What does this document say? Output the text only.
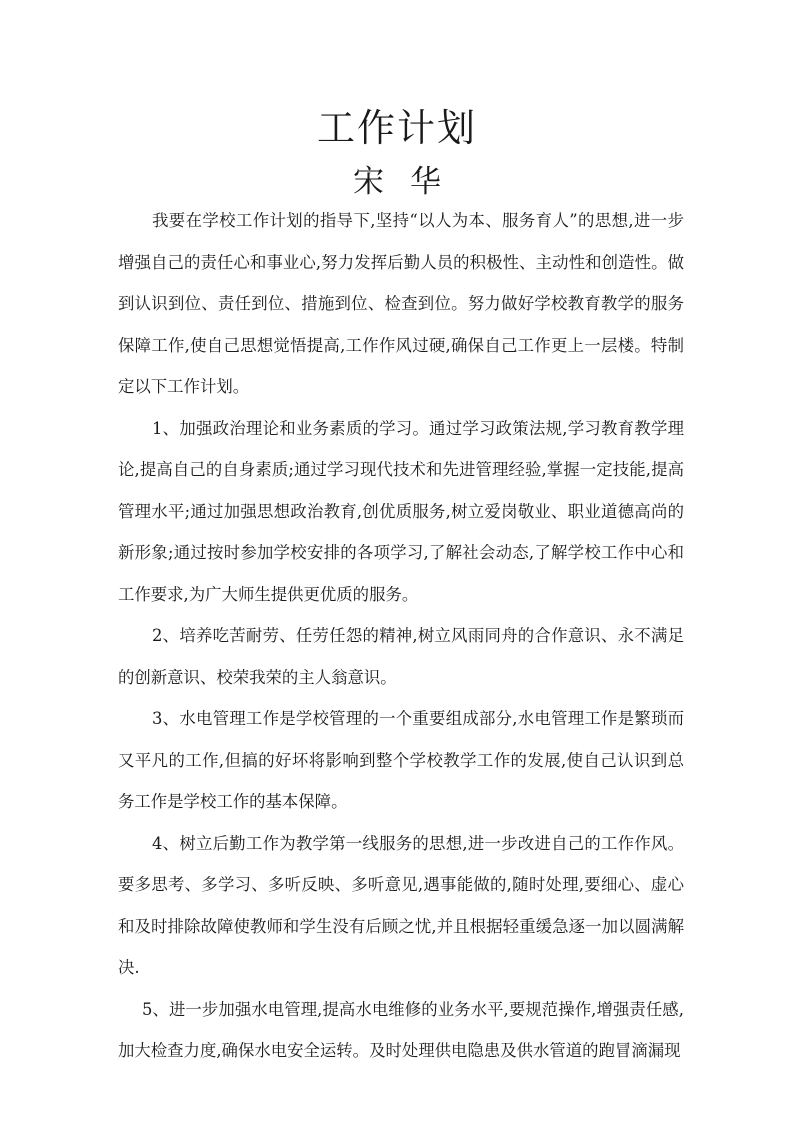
工作计划
宋 华

我要在学校工作计划的指导下,坚持“以人为本、服务育人”的思想,进一步增强自己的责任心和事业心,努力发挥后勤人员的积极性、主动性和创造性。做到认识到位、责任到位、措施到位、检查到位。努力做好学校教育教学的服务保障工作,使自己思想觉悟提高,工作作风过硬,确保自己工作更上一层楼。特制定以下工作计划。

1、加强政治理论和业务素质的学习。通过学习政策法规,学习教育教学理论,提高自己的自身素质;通过学习现代技术和先进管理经验,掌握一定技能,提高管理水平;通过加强思想政治教育,创优质服务,树立爱岗敬业、职业道德高尚的新形象;通过按时参加学校安排的各项学习,了解社会动态,了解学校工作中心和工作要求,为广大师生提供更优质的服务。

2、培养吃苦耐劳、任劳任怨的精神,树立风雨同舟的合作意识、永不满足的创新意识、校荣我荣的主人翁意识。

3、水电管理工作是学校管理的一个重要组成部分,水电管理工作是繁琐而又平凡的工作,但搞的好坏将影响到整个学校教学工作的发展,使自己认识到总务工作是学校工作的基本保障。

4、树立后勤工作为教学第一线服务的思想,进一步改进自己的工作作风。要多思考、多学习、多听反映、多听意见,遇事能做的,随时处理,要细心、虚心和及时排除故障使教师和学生没有后顾之忧,并且根据轻重缓急逐一加以圆满解决.

5、进一步加强水电管理,提高水电维修的业务水平,要规范操作,增强责任感,加大检查力度,确保水电安全运转。及时处理供电隐患及供水管道的跑冒滴漏现
